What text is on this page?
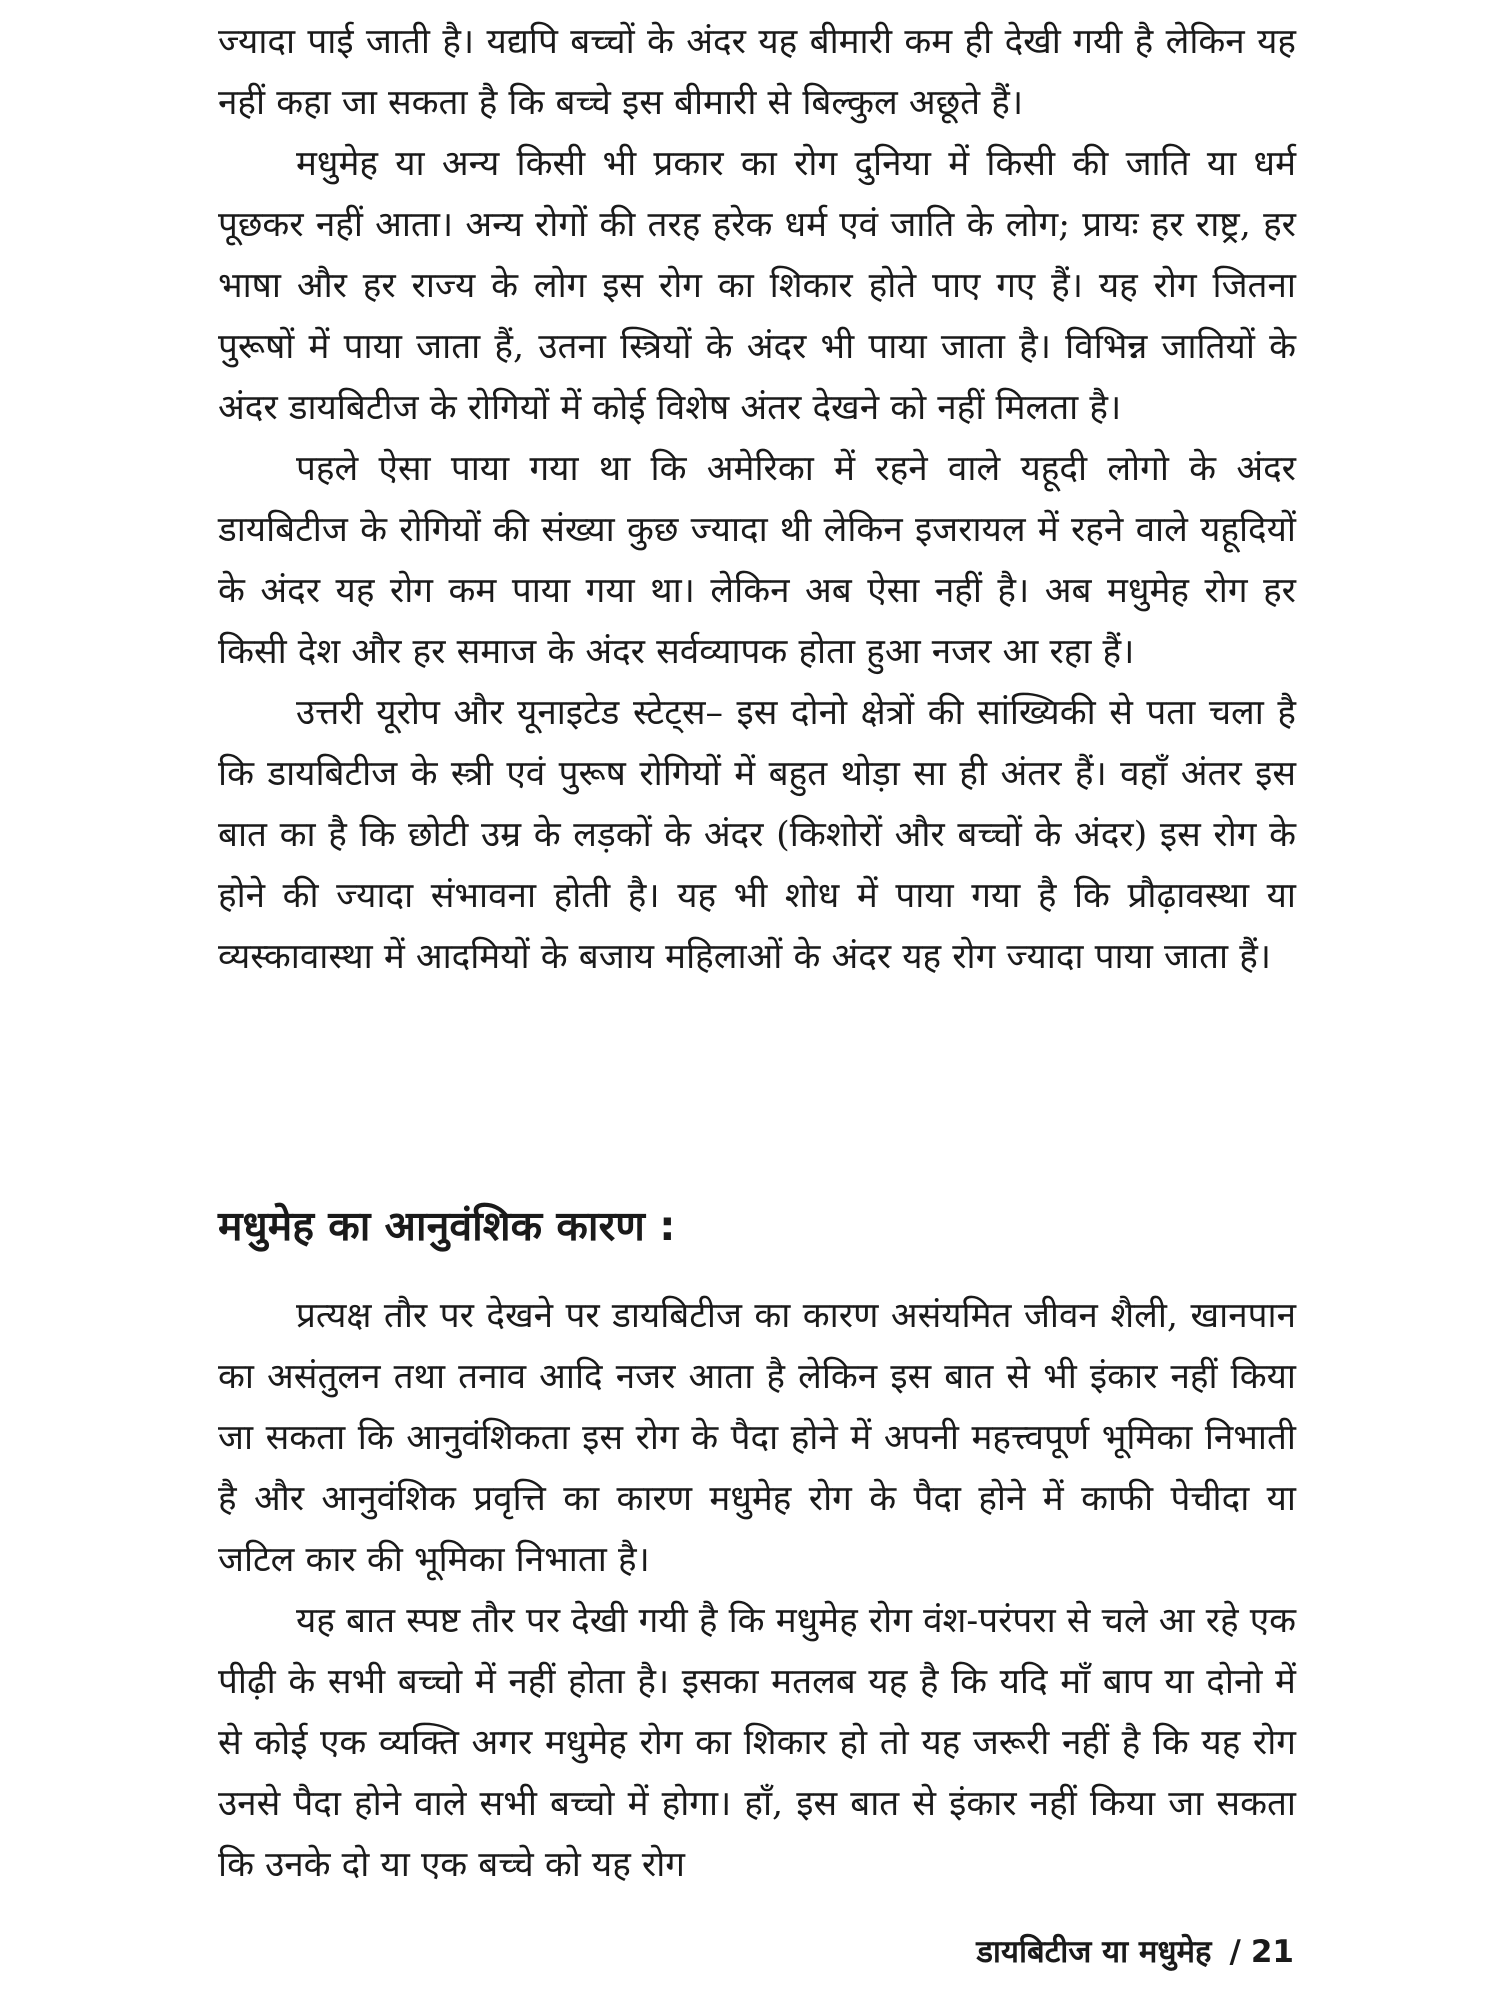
ज्यादा पाई जाती है। यद्यपि बच्चों के अंदर यह बीमारी कम ही देखी गयी है लेकिन यह नहीं कहा जा सकता है कि बच्चे इस बीमारी से बिल्कुल अछूते हैं।

मधुमेह या अन्य किसी भी प्रकार का रोग दुनिया में किसी की जाति या धर्म पूछकर नहीं आता। अन्य रोगों की तरह हरेक धर्म एवं जाति के लोग; प्रायः हर राष्ट्र, हर भाषा और हर राज्य के लोग इस रोग का शिकार होते पाए गए हैं। यह रोग जितना पुरूषों में पाया जाता हैं, उतना स्त्रियों के अंदर भी पाया जाता है। विभिन्न जातियों के अंदर डायबिटीज के रोगियों में कोई विशेष अंतर देखने को नहीं मिलता है।

पहले ऐसा पाया गया था कि अमेरिका में रहने वाले यहूदी लोगो के अंदर डायबिटीज के रोगियों की संख्या कुछ ज्यादा थी लेकिन इजरायल में रहने वाले यहूदियों के अंदर यह रोग कम पाया गया था। लेकिन अब ऐसा नहीं है। अब मधुमेह रोग हर किसी देश और हर समाज के अंदर सर्वव्यापक होता हुआ नजर आ रहा हैं।

उत्तरी यूरोप और यूनाइटेड स्टेट्स– इस दोनो क्षेत्रों की सांख्यिकी से पता चला है कि डायबिटीज के स्त्री एवं पुरूष रोगियों में बहुत थोड़ा सा ही अंतर हैं। वहाँ अंतर इस बात का है कि छोटी उम्र के लड़कों के अंदर (किशोरों और बच्चों के अंदर) इस रोग के होने की ज्यादा संभावना होती है। यह भी शोध में पाया गया है कि प्रौढ़ावस्था या व्यस्कावास्था में आदमियों के बजाय महिलाओं के अंदर यह रोग ज्यादा पाया जाता हैं।

मधुमेह का आनुवंशिक कारण :

प्रत्यक्ष तौर पर देखने पर डायबिटीज का कारण असंयमित जीवन शैली, खानपान का असंतुलन तथा तनाव आदि नजर आता है लेकिन इस बात से भी इंकार नहीं किया जा सकता कि आनुवंशिकता इस रोग के पैदा होने में अपनी महत्त्वपूर्ण भूमिका निभाती है और आनुवंशिक प्रवृत्ति का कारण मधुमेह रोग के पैदा होने में काफी पेचीदा या जटिल कार की भूमिका निभाता है।

यह बात स्पष्ट तौर पर देखी गयी है कि मधुमेह रोग वंश-परंपरा से चले आ रहे एक पीढ़ी के सभी बच्चो में नहीं होता है। इसका मतलब यह है कि यदि माँ बाप या दोनो में से कोई एक व्यक्ति अगर मधुमेह रोग का शिकार हो तो यह जरूरी नहीं है कि यह रोग उनसे पैदा होने वाले सभी बच्चो में होगा। हाँ, इस बात से इंकार नहीं किया जा सकता कि उनके दो या एक बच्चे को यह रोग

डायबिटीज या मधुमेह / 21
